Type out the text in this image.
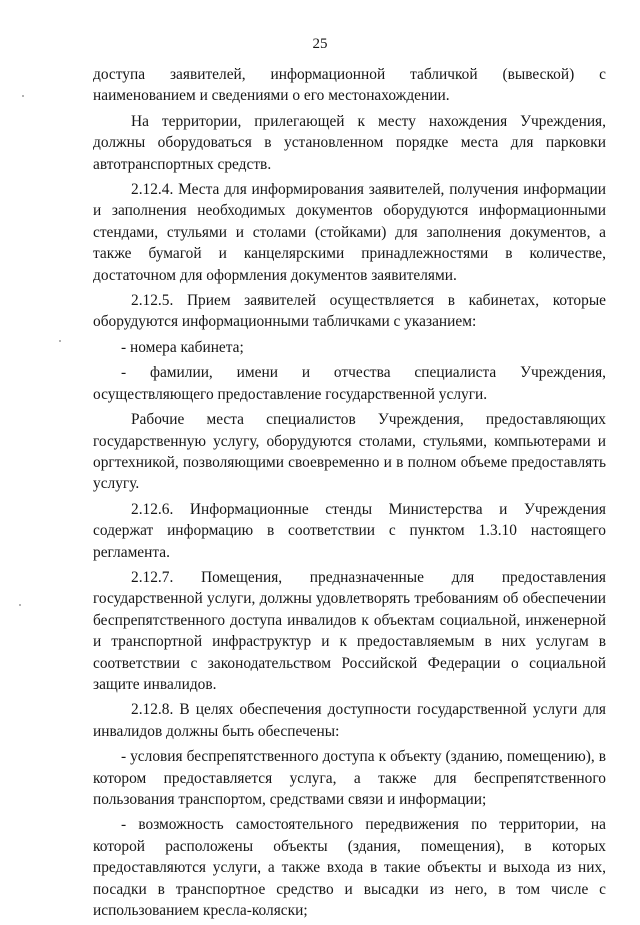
25

доступа заявителей, информационной табличкой (вывеской) с наименованием и сведениями о его местонахождении.

На территории, прилегающей к месту нахождения Учреждения, должны оборудоваться в установленном порядке места для парковки автотранспортных средств.

2.12.4. Места для информирования заявителей, получения информации и заполнения необходимых документов оборудуются информационными стендами, стульями и столами (стойками) для заполнения документов, а также бумагой и канцелярскими принадлежностями в количестве, достаточном для оформления документов заявителями.

2.12.5. Прием заявителей осуществляется в кабинетах, которые оборудуются информационными табличками с указанием:

- номера кабинета;

- фамилии, имени и отчества специалиста Учреждения, осуществляющего предоставление государственной услуги.

Рабочие места специалистов Учреждения, предоставляющих государственную услугу, оборудуются столами, стульями, компьютерами и оргтехникой, позволяющими своевременно и в полном объеме предоставлять услугу.

2.12.6. Информационные стенды Министерства и Учреждения содержат информацию в соответствии с пунктом 1.3.10 настоящего регламента.

2.12.7. Помещения, предназначенные для предоставления государственной услуги, должны удовлетворять требованиям об обеспечении беспрепятственного доступа инвалидов к объектам социальной, инженерной и транспортной инфраструктур и к предоставляемым в них услугам в соответствии с законодательством Российской Федерации о социальной защите инвалидов.

2.12.8. В целях обеспечения доступности государственной услуги для инвалидов должны быть обеспечены:

- условия беспрепятственного доступа к объекту (зданию, помещению), в котором предоставляется услуга, а также для беспрепятственного пользования транспортом, средствами связи и информации;

- возможность самостоятельного передвижения по территории, на которой расположены объекты (здания, помещения), в которых предоставляются услуги, а также входа в такие объекты и выхода из них, посадки в транспортное средство и высадки из него, в том числе с использованием кресла-коляски;
